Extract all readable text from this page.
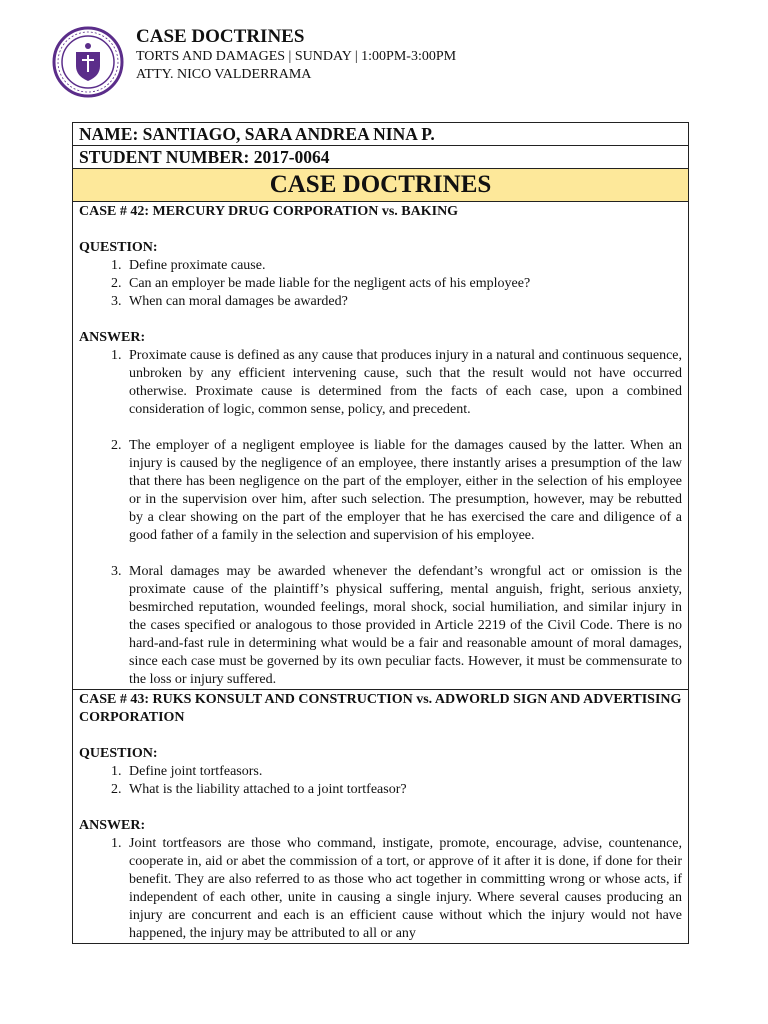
CASE DOCTRINES
TORTS AND DAMAGES | SUNDAY | 1:00PM-3:00PM
ATTY. NICO VALDERRAMA
NAME: SANTIAGO, SARA ANDREA NINA P.
STUDENT NUMBER: 2017-0064
CASE DOCTRINES
CASE # 42: MERCURY DRUG CORPORATION vs. BAKING
QUESTION:
1. Define proximate cause.
2. Can an employer be made liable for the negligent acts of his employee?
3. When can moral damages be awarded?
ANSWER:
1. Proximate cause is defined as any cause that produces injury in a natural and continuous sequence, unbroken by any efficient intervening cause, such that the result would not have occurred otherwise. Proximate cause is determined from the facts of each case, upon a combined consideration of logic, common sense, policy, and precedent.
2. The employer of a negligent employee is liable for the damages caused by the latter. When an injury is caused by the negligence of an employee, there instantly arises a presumption of the law that there has been negligence on the part of the employer, either in the selection of his employee or in the supervision over him, after such selection. The presumption, however, may be rebutted by a clear showing on the part of the employer that he has exercised the care and diligence of a good father of a family in the selection and supervision of his employee.
3. Moral damages may be awarded whenever the defendant’s wrongful act or omission is the proximate cause of the plaintiff’s physical suffering, mental anguish, fright, serious anxiety, besmirched reputation, wounded feelings, moral shock, social humiliation, and similar injury in the cases specified or analogous to those provided in Article 2219 of the Civil Code. There is no hard-and-fast rule in determining what would be a fair and reasonable amount of moral damages, since each case must be governed by its own peculiar facts. However, it must be commensurate to the loss or injury suffered.
CASE # 43: RUKS KONSULT AND CONSTRUCTION vs. ADWORLD SIGN AND ADVERTISING CORPORATION
QUESTION:
1. Define joint tortfeasors.
2. What is the liability attached to a joint tortfeasor?
ANSWER:
1. Joint tortfeasors are those who command, instigate, promote, encourage, advise, countenance, cooperate in, aid or abet the commission of a tort, or approve of it after it is done, if done for their benefit. They are also referred to as those who act together in committing wrong or whose acts, if independent of each other, unite in causing a single injury. Where several causes producing an injury are concurrent and each is an efficient cause without which the injury would not have happened, the injury may be attributed to all or any
